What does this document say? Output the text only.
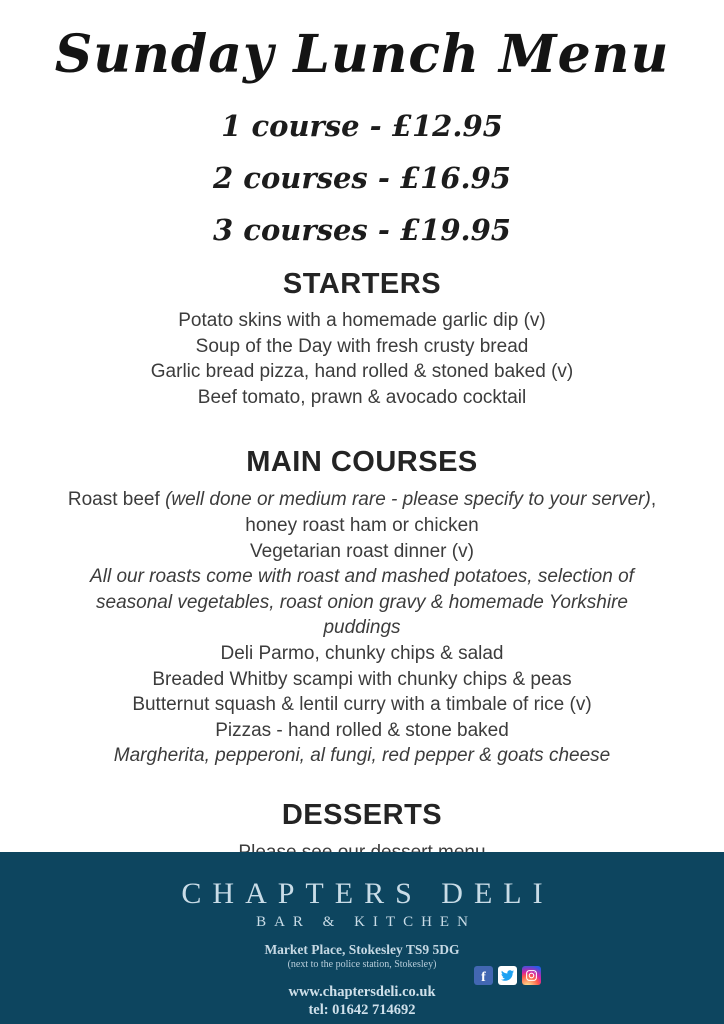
Sunday Lunch Menu
1 course - £12.95
2 courses - £16.95
3 courses - £19.95
STARTERS
Potato skins with a homemade garlic dip (v)
Soup of the Day with fresh crusty bread
Garlic bread pizza, hand rolled & stoned baked (v)
Beef tomato, prawn & avocado cocktail
MAIN COURSES
Roast beef (well done or medium rare - please specify to your server), honey roast ham or chicken
Vegetarian roast dinner (v)
All our roasts come with roast and mashed potatoes, selection of seasonal vegetables, roast onion gravy & homemade Yorkshire puddings
Deli Parmo, chunky chips & salad
Breaded Whitby scampi with chunky chips & peas
Butternut squash & lentil curry with a timbale of rice (v)
Pizzas - hand rolled & stone baked
Margherita, pepperoni, al fungi, red pepper & goats cheese
DESSERTS
CHAPTERS DELI
BAR & KITCHEN
Market Place, Stokesley TS9 5DG
(next to the police station, Stokesley)
www.chaptersdeli.co.uk
tel: 01642 714692
f
